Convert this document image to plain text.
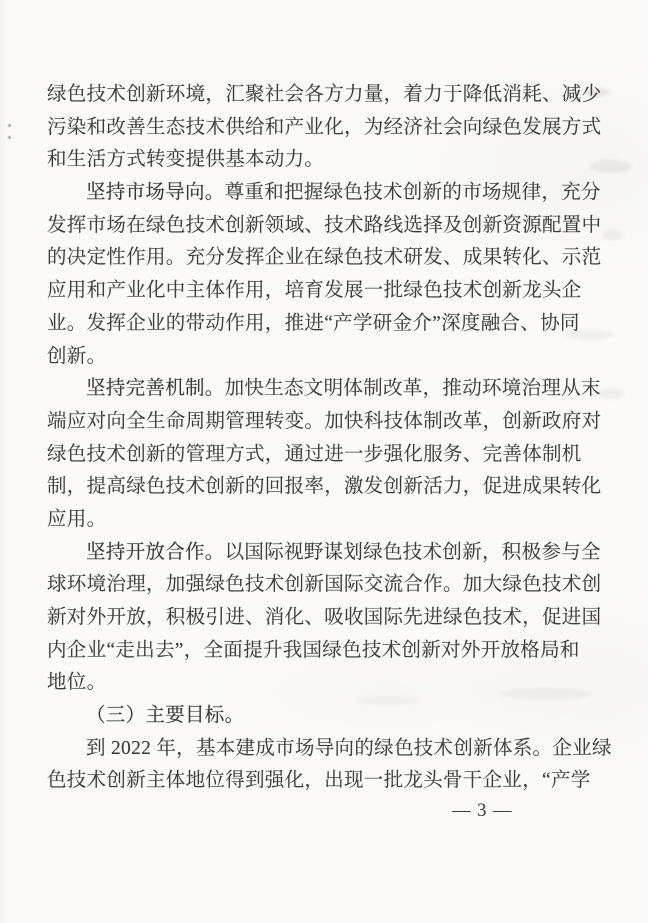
绿色技术创新环境，汇聚社会各方力量，着力于降低消耗、减少
污染和改善生态技术供给和产业化，为经济社会向绿色发展方式
和生活方式转变提供基本动力。
坚持市场导向。尊重和把握绿色技术创新的市场规律，充分
发挥市场在绿色技术创新领域、技术路线选择及创新资源配置中
的决定性作用。充分发挥企业在绿色技术研发、成果转化、示范
应用和产业化中主体作用，培育发展一批绿色技术创新龙头企
业。发挥企业的带动作用，推进“产学研金介”深度融合、协同
创新。
坚持完善机制。加快生态文明体制改革，推动环境治理从末
端应对向全生命周期管理转变。加快科技体制改革，创新政府对
绿色技术创新的管理方式，通过进一步强化服务、完善体制机
制，提高绿色技术创新的回报率，激发创新活力，促进成果转化
应用。
坚持开放合作。以国际视野谋划绿色技术创新，积极参与全
球环境治理，加强绿色技术创新国际交流合作。加大绿色技术创
新对外开放，积极引进、消化、吸收国际先进绿色技术，促进国
内企业“走出去”，全面提升我国绿色技术创新对外开放格局和
地位。
（三）主要目标。
到 2022 年，基本建成市场导向的绿色技术创新体系。企业绿
色技术创新主体地位得到强化，出现一批龙头骨干企业，“产学
— 3 —
